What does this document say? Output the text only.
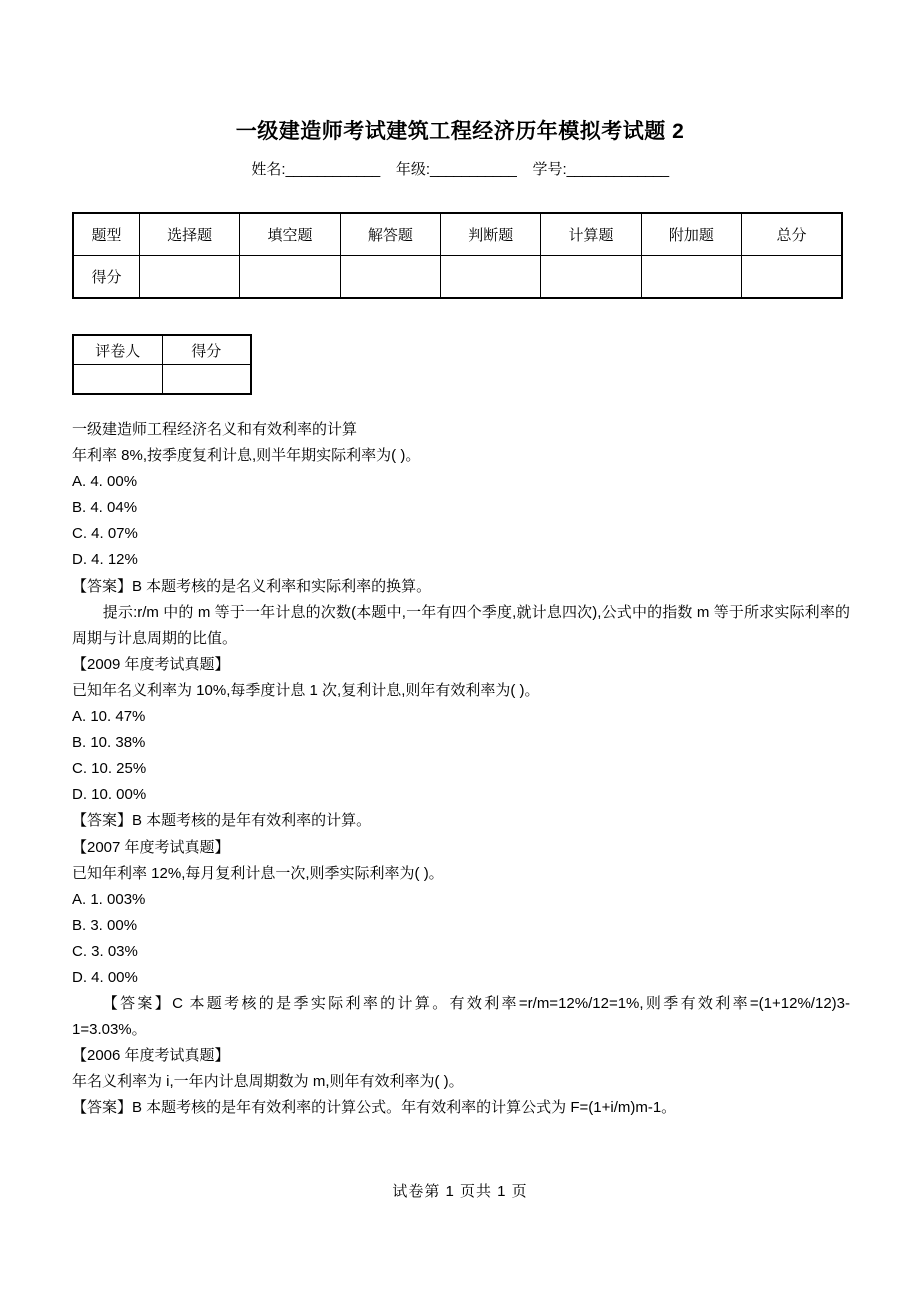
一级建造师考试建筑工程经济历年模拟考试题 2
姓名:____________ 年级:___________ 学号:_____________
题型	选择题	填空题	解答题	判断题	计算题	附加题	总分
得分							
评卷人	得分

一级建造师工程经济名义和有效利率的计算

年利率 8%,按季度复利计息,则半年期实际利率为( )。

A. 4. 00%

B. 4. 04%

C. 4. 07%

D. 4. 12%

【答案】B 本题考核的是名义利率和实际利率的换算。

提示:r/m 中的 m 等于一年计息的次数(本题中,一年有四个季度,就计息四次),公式中的指数 m 等于所求实际利率的周期与计息周期的比值。

【2009 年度考试真题】

已知年名义利率为 10%,每季度计息 1 次,复利计息,则年有效利率为( )。

A. 10. 47%

B. 10. 38%

C. 10. 25%

D. 10. 00%

【答案】B 本题考核的是年有效利率的计算。

【2007 年度考试真题】

已知年利率 12%,每月复利计息一次,则季实际利率为( )。

A. 1. 003%

B. 3. 00%

C. 3. 03%

D. 4. 00%

【答案】C 本题考核的是季实际利率的计算。有效利率=r/m=12%/12=1%,则季有效利率=(1+12%/12)3-1=3.03%。

【2006 年度考试真题】

年名义利率为 i,一年内计息周期数为 m,则年有效利率为( )。

【答案】B 本题考核的是年有效利率的计算公式。年有效利率的计算公式为 F=(1+i/m)m-1。

试卷第 1 页共 1 页
